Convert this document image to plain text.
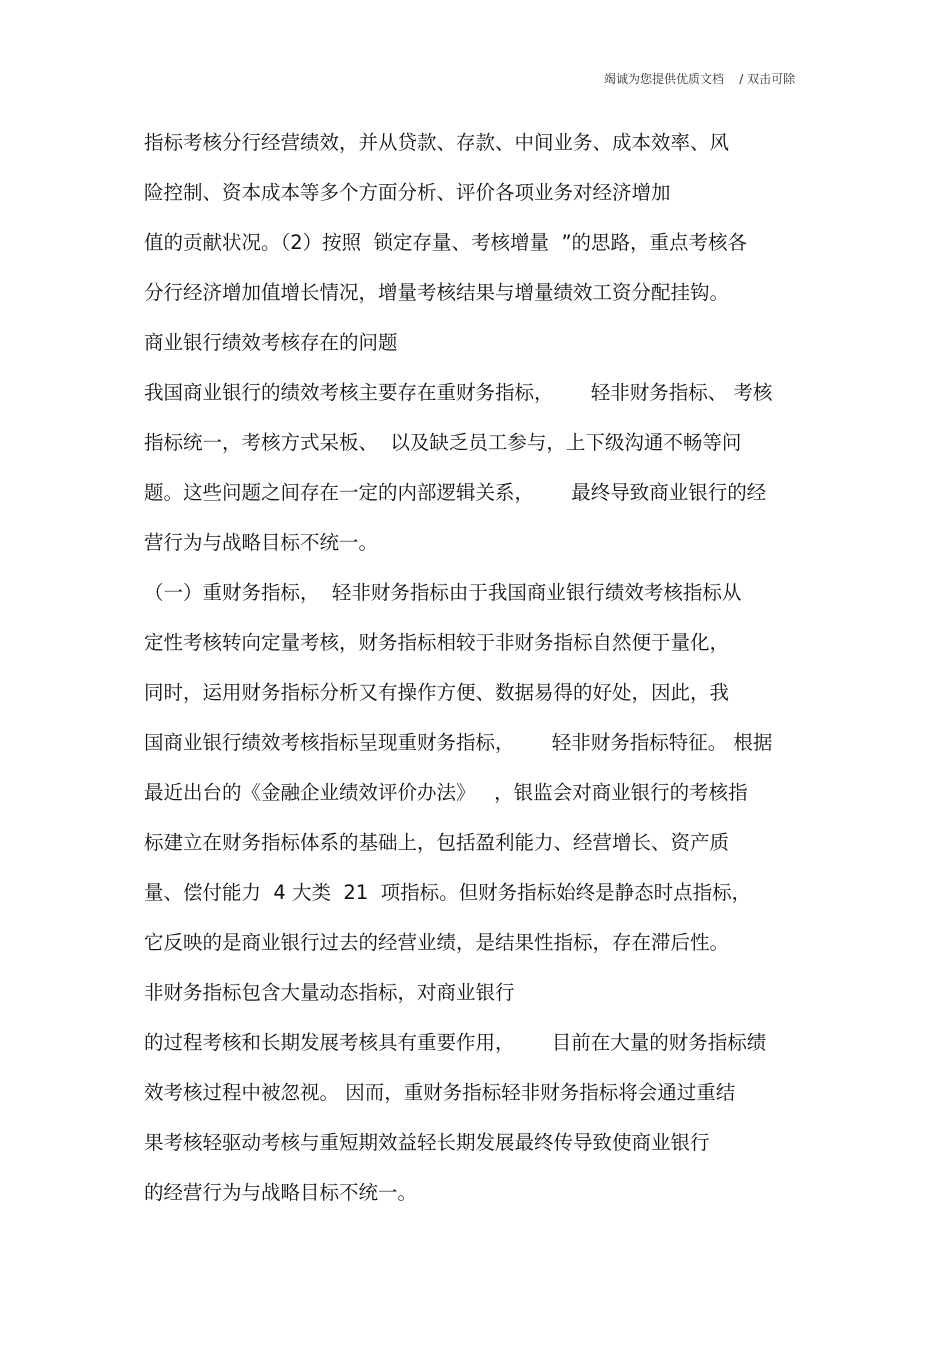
竭诚为您提供优质文档    / 双击可除
指标考核分行经营绩效，并从贷款、存款、中间业务、成本效率、风
险控制、资本成本等多个方面分析、评价各项业务对经济增加
值的贡献状况。（2）按照  锁定存量、考核增量  ”的思路，重点考核各
分行经济增加值增长情况，增量考核结果与增量绩效工资分配挂钩。
商业银行绩效考核存在的问题
我国商业银行的绩效考核主要存在重财务指标，      轻非财务指标、 考核
指标统一，考核方式呆板、  以及缺乏员工参与，上下级沟通不畅等问
题。这些问题之间存在一定的内部逻辑关系，      最终导致商业银行的经
营行为与战略目标不统一。
（一）重财务指标，  轻非财务指标由于我国商业银行绩效考核指标从
定性考核转向定量考核，财务指标相较于非财务指标自然便于量化，
同时，运用财务指标分析又有操作方便、数据易得的好处，因此，我
国商业银行绩效考核指标呈现重财务指标，      轻非财务指标特征。 根据
最近出台的《金融企业绩效评价办法》   ，银监会对商业银行的考核指
标建立在财务指标体系的基础上，包括盈利能力、经营增长、资产质
量、偿付能力  4 大类  21  项指标。但财务指标始终是静态时点指标，
它反映的是商业银行过去的经营业绩，是结果性指标，存在滞后性。
非财务指标包含大量动态指标，对商业银行
的过程考核和长期发展考核具有重要作用，      目前在大量的财务指标绩
效考核过程中被忽视。 因而，重财务指标轻非财务指标将会通过重结
果考核轻驱动考核与重短期效益轻长期发展最终传导致使商业银行
的经营行为与战略目标不统一。
